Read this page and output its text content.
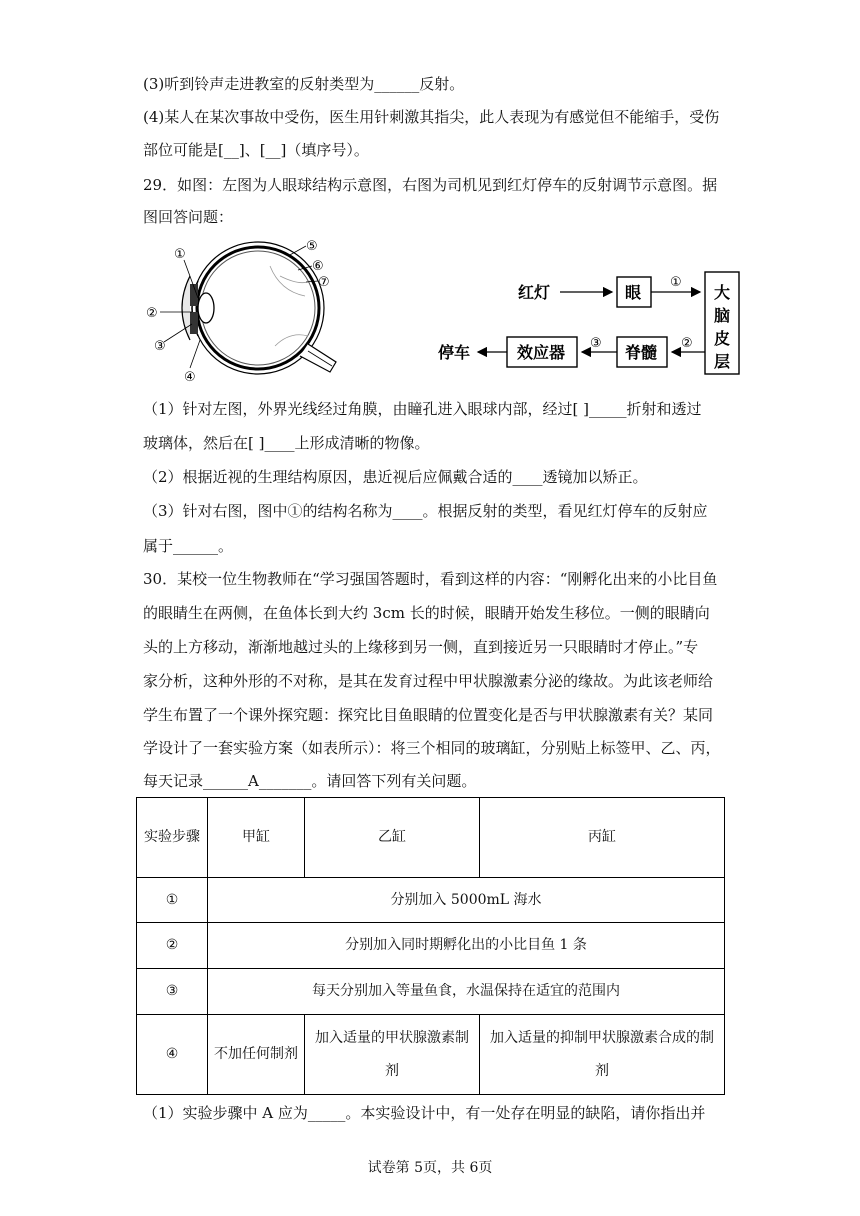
(3)听到铃声走进教室的反射类型为______反射。
(4)某人在某次事故中受伤，医生用针刺激其指尖，此人表现为有感觉但不能缩手，受伤
部位可能是[__]、[__]（填序号）。
29．如图：左图为人眼球结构示意图，右图为司机见到红灯停车的反射调节示意图。据
图回答问题：
①
②
③
④
⑤
⑥
⑦
红灯	眼
①
大
脑
皮
层
②
脊髓
③
效应器
停车
（1）针对左图，外界光线经过角膜，由瞳孔进入眼球内部，经过[ ]_____折射和透过
玻璃体，然后在[ ]____上形成清晰的物像。
（2）根据近视的生理结构原因，患近视后应佩戴合适的____透镜加以矫正。
（3）针对右图，图中①的结构名称为____。根据反射的类型，看见红灯停车的反射应
属于______。
30．某校一位生物教师在“学习强国答题时，看到这样的内容：“刚孵化出来的小比目鱼
的眼睛生在两侧，在鱼体长到大约 3cm 长的时候，眼睛开始发生移位。一侧的眼睛向
头的上方移动，渐渐地越过头的上缘移到另一侧，直到接近另一只眼睛时才停止。”专
家分析，这种外形的不对称，是其在发育过程中甲状腺激素分泌的缘故。为此该老师给
学生布置了一个课外探究题：探究比目鱼眼睛的位置变化是否与甲状腺激素有关？某同
学设计了一套实验方案（如表所示）：将三个相同的玻璃缸，分别贴上标签甲、乙、丙，
每天记录______A_______。请回答下列有关问题。
实验步骤	甲缸	乙缸	丙缸
①	分别加入 5000mL 海水		
②	分别加入同时期孵化出的小比目鱼 1 条		
③	每天分别加入等量鱼食，水温保持在适宜的范围内		
④	不加任何制剂	加入适量的甲状腺激素制剂	加入适量的抑制甲状腺激素合成的制剂
（1）实验步骤中 A 应为_____。本实验设计中，有一处存在明显的缺陷，请你指出并
试卷第 5页，共 6页
